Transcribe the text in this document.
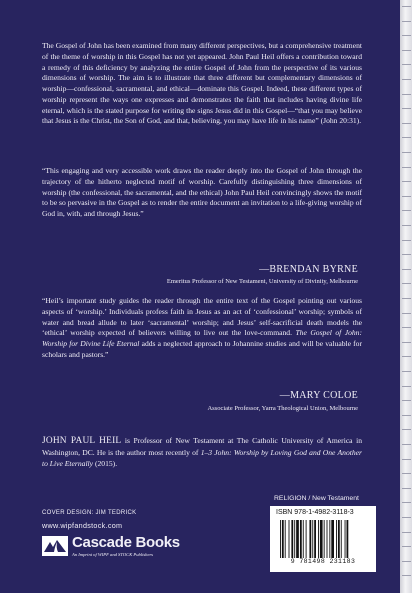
The Gospel of John has been examined from many different perspectives, but a comprehensive treatment of the theme of worship in this Gospel has not yet appeared. John Paul Heil offers a contribution toward a remedy of this deficiency by analyzing the entire Gospel of John from the perspective of its various dimensions of worship. The aim is to illustrate that three different but complementary dimensions of worship—confessional, sacramental, and ethical—dominate this Gospel. Indeed, these different types of worship represent the ways one expresses and demonstrates the faith that includes having divine life eternal, which is the stated purpose for writing the signs Jesus did in this Gospel—“that you may believe that Jesus is the Christ, the Son of God, and that, believing, you may have life in his name” (John 20:31).

“This engaging and very accessible work draws the reader deeply into the Gospel of John through the trajectory of the hitherto neglected motif of worship. Carefully distinguishing three dimensions of worship (the confessional, the sacramental, and the ethical) John Paul Heil convincingly shows the motif to be so pervasive in the Gospel as to render the entire document an invitation to a life-giving worship of God in, with, and through Jesus.”

—BRENDAN BYRNE
Emeritus Professor of New Testament, University of Divinity, Melbourne

“Heil’s important study guides the reader through the entire text of the Gospel pointing out various aspects of ‘worship.’ Individuals profess faith in Jesus as an act of ‘confessional’ worship; symbols of water and bread allude to later ‘sacramental’ worship; and Jesus’ self-sacrificial death models the ‘ethical’ worship expected of believers willing to live out the love-command. The Gospel of John: Worship for Divine Life Eternal adds a neglected approach to Johannine studies and will be valuable for scholars and pastors.”

—MARY COLOE
Associate Professor, Yarra Theological Union, Melbourne

JOHN PAUL HEIL is Professor of New Testament at The Catholic University of America in Washington, DC. He is the author most recently of 1–3 John: Worship by Loving God and One Another to Live Eternally (2015).

COVER DESIGN: JIM TEDRICK
www.wipfandstock.com
Cascade Books
An Imprint of WIPF and STOCK Publishers
RELIGION / New Testament
ISBN 978-1-4982-3118-3
9 781498 231183
